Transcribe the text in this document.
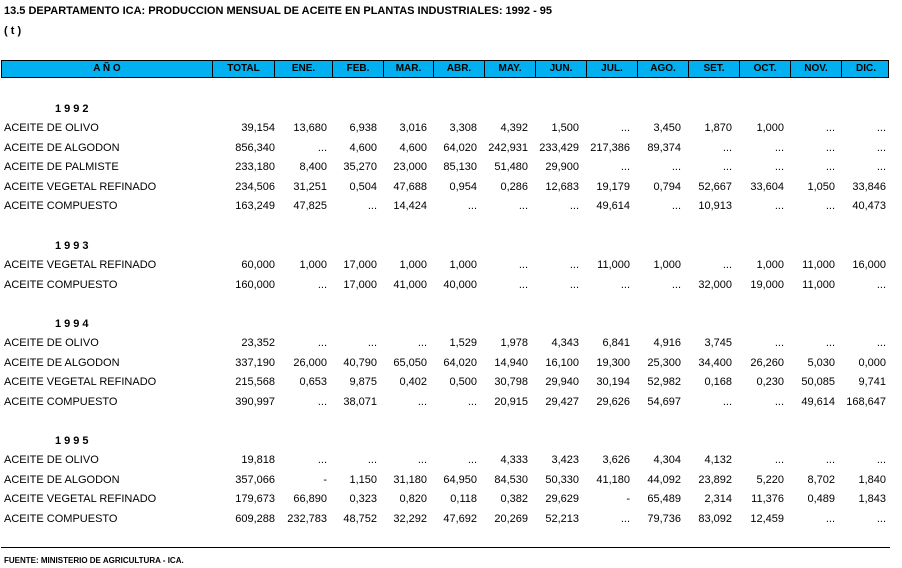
13.5 DEPARTAMENTO ICA: PRODUCCION MENSUAL DE ACEITE EN PLANTAS INDUSTRIALES: 1992 - 95
( t )
A Ñ O	TOTAL	ENE.	FEB.	MAR.	ABR.	MAY.	JUN.	JUL.	AGO.	SET.	OCT.	NOV.	DIC.
1992
ACEITE DE OLIVO	39,154 13,680 6,938 3,016 3,308 4,392 1,500	... 3,450 1,870 1,000	...	...
ACEITE DE ALGODON	856,340	... 4,600 4,600 64,020 242,931 233,429 217,386 89,374	...	...	...	...
ACEITE DE PALMISTE	233,180 8,400 35,270 23,000 85,130 51,480 29,900	...	...	...	...	...	...
ACEITE VEGETAL REFINADO	234,506 31,251 0,504 47,688 0,954 0,286 12,683 19,179 0,794 52,667 33,604 1,050 33,846
ACEITE COMPUESTO	163,249 47,825	... 14,424	...	...	... 49,614	... 10,913	...	... 40,473
1993
ACEITE VEGETAL REFINADO	60,000 1,000 17,000 1,000 1,000	...	... 11,000 1,000	... 1,000 11,000 16,000
ACEITE COMPUESTO	160,000	... 17,000 41,000 40,000	...	...	...	... 32,000 19,000 11,000	...
1994
ACEITE DE OLIVO	23,352	...	...	... 1,529 1,978 4,343 6,841 4,916 3,745	...	...	...
ACEITE DE ALGODON	337,190 26,000 40,790 65,050 64,020 14,940 16,100 19,300 25,300 34,400 26,260 5,030 0,000
ACEITE VEGETAL REFINADO	215,568 0,653 9,875 0,402 0,500 30,798 29,940 30,194 52,982 0,168 0,230 50,085 9,741
ACEITE COMPUESTO	390,997	... 38,071	...	... 20,915 29,427 29,626 54,697	...	... 49,614 168,647
1995
ACEITE DE OLIVO	19,818	...	...	...	... 4,333 3,423 3,626 4,304 4,132	...	...	...
ACEITE DE ALGODON	357,066	- 1,150 31,180 64,950 84,530 50,330 41,180 44,092 23,892 5,220 8,702 1,840
ACEITE VEGETAL REFINADO	179,673 66,890 0,323 0,820 0,118 0,382 29,629	- 65,489 2,314 11,376 0,489 1,843
ACEITE COMPUESTO	609,288 232,783 48,752 32,292 47,692 20,269 52,213	... 79,736 83,092 12,459	...	...
FUENTE: MINISTERIO DE AGRICULTURA - ICA.
